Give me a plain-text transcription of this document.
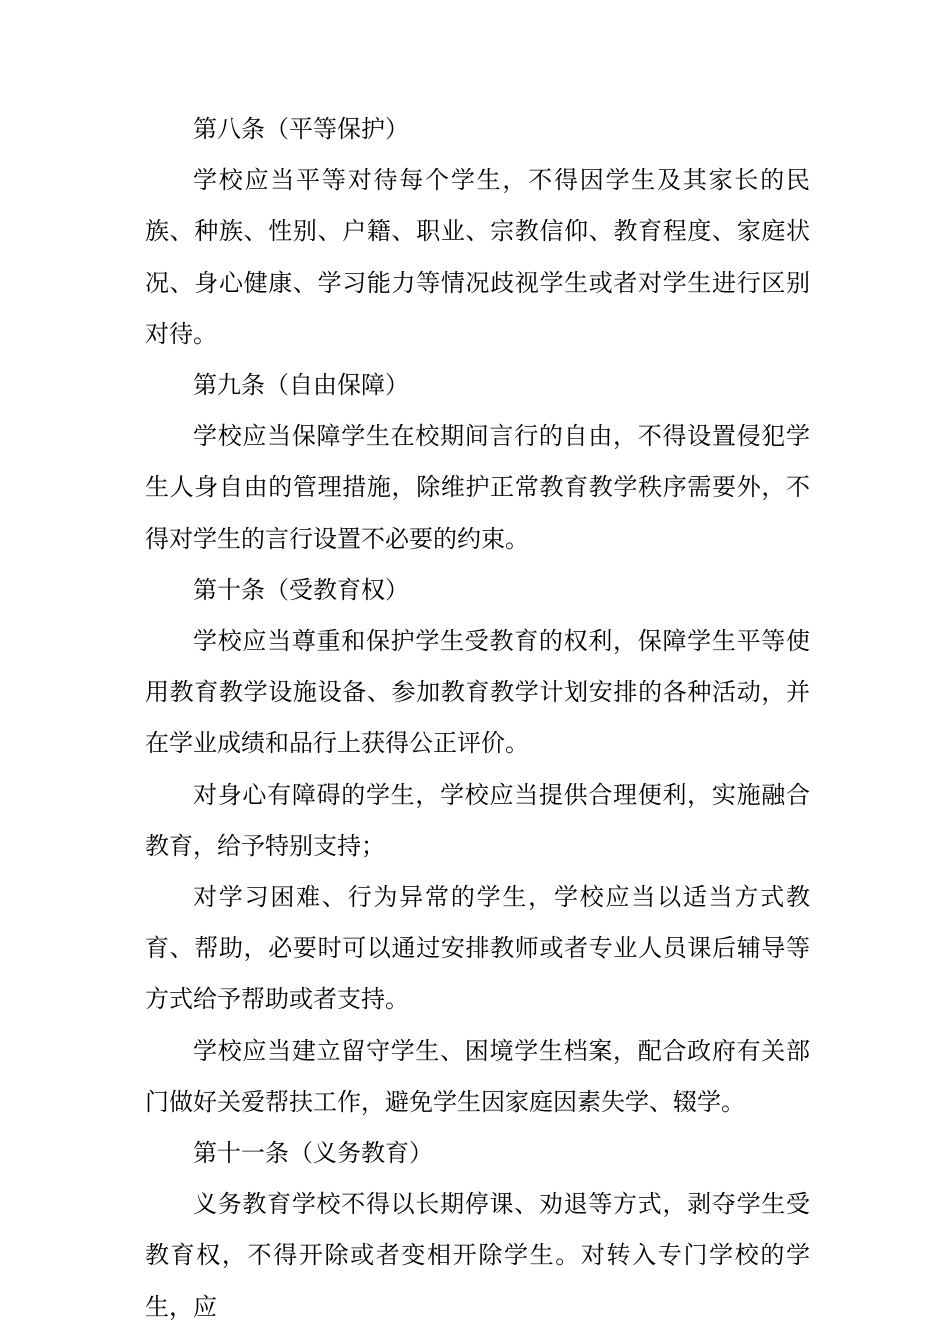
第八条（平等保护）

学校应当平等对待每个学生，不得因学生及其家长的民族、种族、性别、户籍、职业、宗教信仰、教育程度、家庭状况、身心健康、学习能力等情况歧视学生或者对学生进行区别对待。

第九条（自由保障）

学校应当保障学生在校期间言行的自由，不得设置侵犯学生人身自由的管理措施，除维护正常教育教学秩序需要外，不得对学生的言行设置不必要的约束。

第十条（受教育权）

学校应当尊重和保护学生受教育的权利，保障学生平等使用教育教学设施设备、参加教育教学计划安排的各种活动，并在学业成绩和品行上获得公正评价。

对身心有障碍的学生，学校应当提供合理便利，实施融合教育，给予特别支持；

对学习困难、行为异常的学生，学校应当以适当方式教育、帮助，必要时可以通过安排教师或者专业人员课后辅导等方式给予帮助或者支持。

学校应当建立留守学生、困境学生档案，配合政府有关部门做好关爱帮扶工作，避免学生因家庭因素失学、辍学。

第十一条（义务教育）

义务教育学校不得以长期停课、劝退等方式，剥夺学生受教育权，不得开除或者变相开除学生。对转入专门学校的学生，应
